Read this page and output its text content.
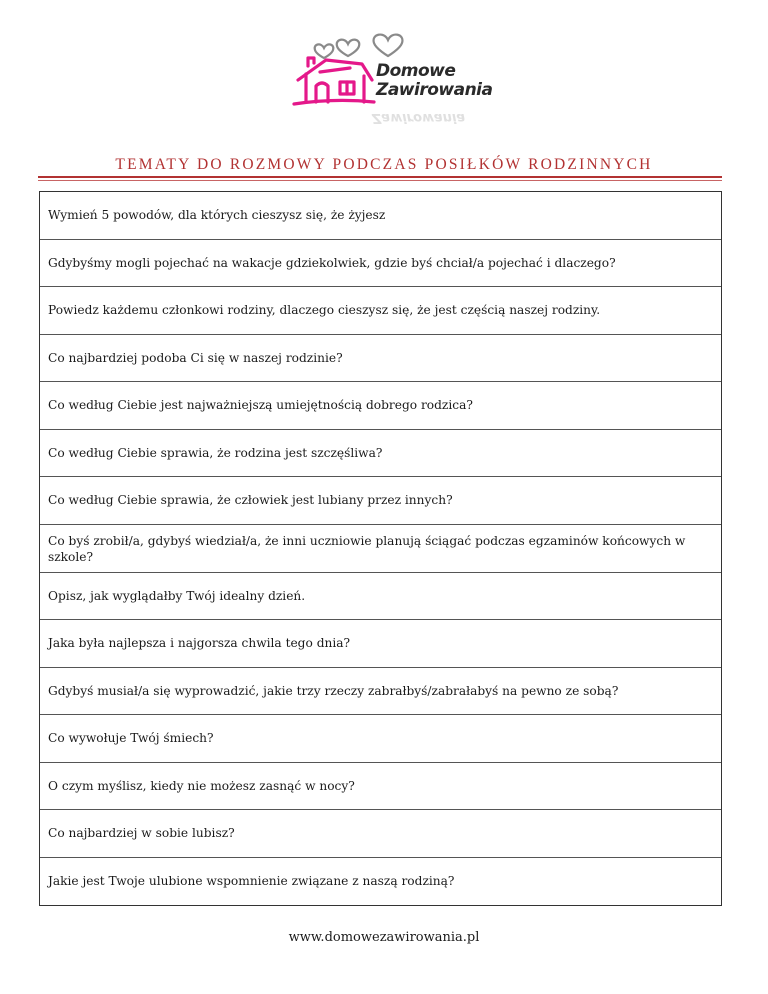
Domowe
Zawirowania
Zawirowania
TEMATY DO ROZMOWY PODCZAS POSIŁKÓW RODZINNYCH
Wymień 5 powodów, dla których cieszysz się, że żyjesz
Gdybyśmy mogli pojechać na wakacje gdziekolwiek, gdzie byś chciał/a pojechać i dlaczego?
Powiedz każdemu członkowi rodziny, dlaczego cieszysz się, że jest częścią naszej rodziny.
Co najbardziej podoba Ci się w naszej rodzinie?
Co według Ciebie jest najważniejszą umiejętnością dobrego rodzica?
Co według Ciebie sprawia, że rodzina jest szczęśliwa?
Co według Ciebie sprawia, że człowiek jest lubiany przez innych?
Co byś zrobił/a, gdybyś wiedział/a, że inni uczniowie planują ściągać podczas egzaminów końcowych w szkole?
Opisz, jak wyglądałby Twój idealny dzień.
Jaka była najlepsza i najgorsza chwila tego dnia?
Gdybyś musiał/a się wyprowadzić, jakie trzy rzeczy zabrałbyś/zabrałabyś na pewno ze sobą?
Co wywołuje Twój śmiech?
O czym myślisz, kiedy nie możesz zasnąć w nocy?
Co najbardziej w sobie lubisz?
Jakie jest Twoje ulubione wspomnienie związane z naszą rodziną?
www.domowezawirowania.pl
